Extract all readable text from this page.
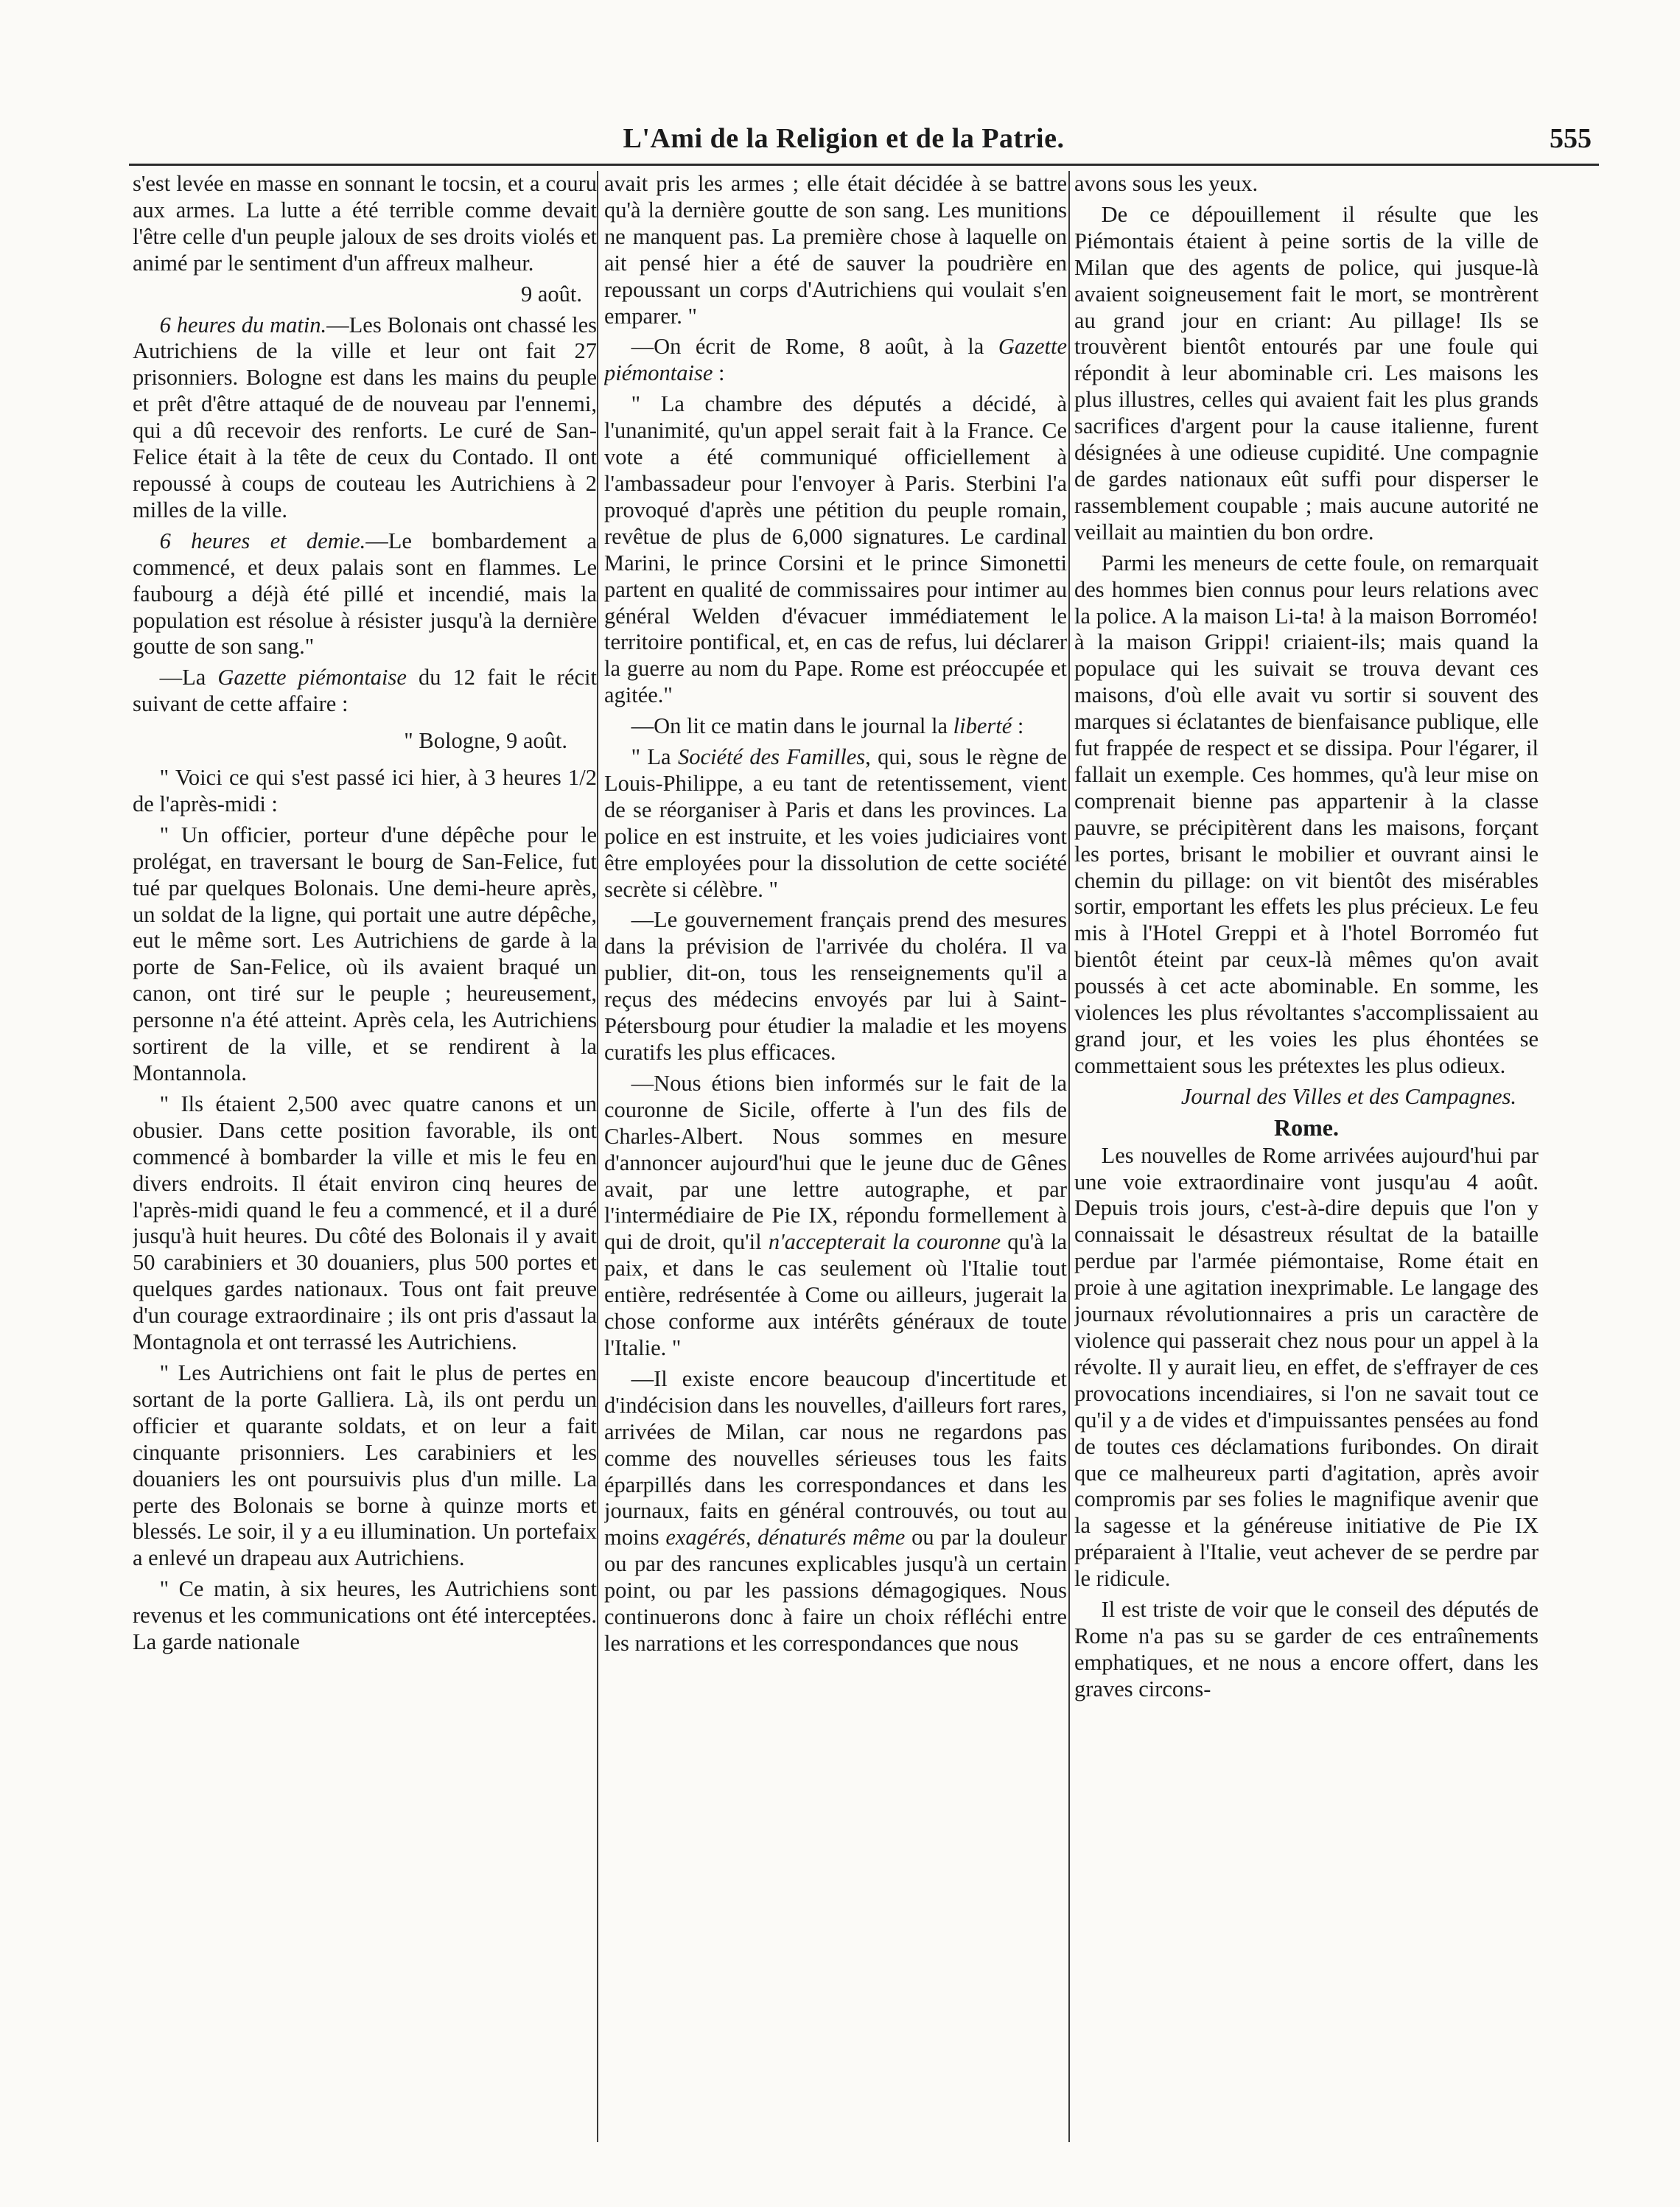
L'Ami de la Religion et de la Patrie.	555

s'est levée en masse en sonnant le tocsin, et a couru aux armes. La lutte a été terrible comme devait l'être celle d'un peuple jaloux de ses droits violés et animé par le sentiment d'un affreux malheur.

9 août.

6 heures du matin.—Les Bolonais ont chassé les Autrichiens de la ville et leur ont fait 27 prisonniers. Bologne est dans les mains du peuple et prêt d'être attaqué de de nouveau par l'ennemi, qui a dû recevoir des renforts. Le curé de San-Felice était à la tête de ceux du Contado. Il ont repoussé à coups de couteau les Autrichiens à 2 milles de la ville.

6 heures et demie.—Le bombardement a commencé, et deux palais sont en flammes. Le faubourg a déjà été pillé et incendié, mais la population est résolue à résister jusqu'à la dernière goutte de son sang."

—La Gazette piémontaise du 12 fait le récit suivant de cette affaire :

" Bologne, 9 août.

" Voici ce qui s'est passé ici hier, à 3 heures 1/2 de l'après-midi :

" Un officier, porteur d'une dépêche pour le prolégat, en traversant le bourg de San-Felice, fut tué par quelques Bolonais. Une demi-heure après, un soldat de la ligne, qui portait une autre dépêche, eut le même sort. Les Autrichiens de garde à la porte de San-Felice, où ils avaient braqué un canon, ont tiré sur le peuple ; heureusement, personne n'a été atteint. Après cela, les Autrichiens sortirent de la ville, et se rendirent à la Montannola.

" Ils étaient 2,500 avec quatre canons et un obusier. Dans cette position favorable, ils ont commencé à bombarder la ville et mis le feu en divers endroits. Il était environ cinq heures de l'après-midi quand le feu a commencé, et il a duré jusqu'à huit heures. Du côté des Bolonais il y avait 50 carabiniers et 30 douaniers, plus 500 portes et quelques gardes nationaux. Tous ont fait preuve d'un courage extraordinaire ; ils ont pris d'assaut la Montagnola et ont terrassé les Autrichiens.

" Les Autrichiens ont fait le plus de pertes en sortant de la porte Galliera. Là, ils ont perdu un officier et quarante soldats, et on leur a fait cinquante prisonniers. Les carabiniers et les douaniers les ont poursuivis plus d'un mille. La perte des Bolonais se borne à quinze morts et blessés. Le soir, il y a eu illumination. Un portefaix a enlevé un drapeau aux Autrichiens.

" Ce matin, à six heures, les Autrichiens sont revenus et les communications ont été interceptées. La garde nationale

avait pris les armes ; elle était décidée à se battre qu'à la dernière goutte de son sang. Les munitions ne manquent pas. La première chose à laquelle on ait pensé hier a été de sauver la poudrière en repoussant un corps d'Autrichiens qui voulait s'en emparer. "

—On écrit de Rome, 8 août, à la Gazette piémontaise :

" La chambre des députés a décidé, à l'unanimité, qu'un appel serait fait à la France. Ce vote a été communiqué officiellement à l'ambassadeur pour l'envoyer à Paris. Sterbini l'a provoqué d'après une pétition du peuple romain, revêtue de plus de 6,000 signatures. Le cardinal Marini, le prince Corsini et le prince Simonetti partent en qualité de commissaires pour intimer au général Welden d'évacuer immédiatement le territoire pontifical, et, en cas de refus, lui déclarer la guerre au nom du Pape. Rome est préoccupée et agitée."

—On lit ce matin dans le journal la liberté :

" La Société des Familles, qui, sous le règne de Louis-Philippe, a eu tant de retentissement, vient de se réorganiser à Paris et dans les provinces. La police en est instruite, et les voies judiciaires vont être employées pour la dissolution de cette société secrète si célèbre. "

—Le gouvernement français prend des mesures dans la prévision de l'arrivée du choléra. Il va publier, dit-on, tous les renseignements qu'il a reçus des médecins envoyés par lui à Saint-Pétersbourg pour étudier la maladie et les moyens curatifs les plus efficaces.

—Nous étions bien informés sur le fait de la couronne de Sicile, offerte à l'un des fils de Charles-Albert. Nous sommes en mesure d'annoncer aujourd'hui que le jeune duc de Gênes avait, par une lettre autographe, et par l'intermédiaire de Pie IX, répondu formellement à qui de droit, qu'il n'accepterait la couronne qu'à la paix, et dans le cas seulement où l'Italie tout entière, redrésentée à Come ou ailleurs, jugerait la chose conforme aux intérêts généraux de toute l'Italie. "

—Il existe encore beaucoup d'incertitude et d'indécision dans les nouvelles, d'ailleurs fort rares, arrivées de Milan, car nous ne regardons pas comme des nouvelles sérieuses tous les faits éparpillés dans les correspondances et dans les journaux, faits en général controuvés, ou tout au moins exagérés, dénaturés même ou par la douleur ou par des rancunes explicables jusqu'à un certain point, ou par les passions démagogiques. Nous continuerons donc à faire un choix réfléchi entre les narrations et les correspondances que nous

avons sous les yeux.

De ce dépouillement il résulte que les Piémontais étaient à peine sortis de la ville de Milan que des agents de police, qui jusque-là avaient soigneusement fait le mort, se montrèrent au grand jour en criant: Au pillage! Ils se trouvèrent bientôt entourés par une foule qui répondit à leur abominable cri. Les maisons les plus illustres, celles qui avaient fait les plus grands sacrifices d'argent pour la cause italienne, furent désignées à une odieuse cupidité. Une compagnie de gardes nationaux eût suffi pour disperser le rassemblement coupable ; mais aucune autorité ne veillait au maintien du bon ordre.

Parmi les meneurs de cette foule, on remarquait des hommes bien connus pour leurs relations avec la police. A la maison Li-ta! à la maison Borroméo! à la maison Grippi! criaient-ils; mais quand la populace qui les suivait se trouva devant ces maisons, d'où elle avait vu sortir si souvent des marques si éclatantes de bienfaisance publique, elle fut frappée de respect et se dissipa. Pour l'égarer, il fallait un exemple. Ces hommes, qu'à leur mise on comprenait bienne pas appartenir à la classe pauvre, se précipitèrent dans les maisons, forçant les portes, brisant le mobilier et ouvrant ainsi le chemin du pillage: on vit bientôt des misérables sortir, emportant les effets les plus précieux. Le feu mis à l'Hotel Greppi et à l'hotel Borroméo fut bientôt éteint par ceux-là mêmes qu'on avait poussés à cet acte abominable. En somme, les violences les plus révoltantes s'accomplissaient au grand jour, et les voies les plus éhontées se commettaient sous les prétextes les plus odieux.

Journal des Villes et des Campagnes.

Rome.

Les nouvelles de Rome arrivées aujourd'hui par une voie extraordinaire vont jusqu'au 4 août. Depuis trois jours, c'est-à-dire depuis que l'on y connaissait le désastreux résultat de la bataille perdue par l'armée piémontaise, Rome était en proie à une agitation inexprimable. Le langage des journaux révolutionnaires a pris un caractère de violence qui passerait chez nous pour un appel à la révolte. Il y aurait lieu, en effet, de s'effrayer de ces provocations incendiaires, si l'on ne savait tout ce qu'il y a de vides et d'impuissantes pensées au fond de toutes ces déclamations furibondes. On dirait que ce malheureux parti d'agitation, après avoir compromis par ses folies le magnifique avenir que la sagesse et la généreuse initiative de Pie IX préparaient à l'Italie, veut achever de se perdre par le ridicule.

Il est triste de voir que le conseil des députés de Rome n'a pas su se garder de ces entraînements emphatiques, et ne nous a encore offert, dans les graves circons-
